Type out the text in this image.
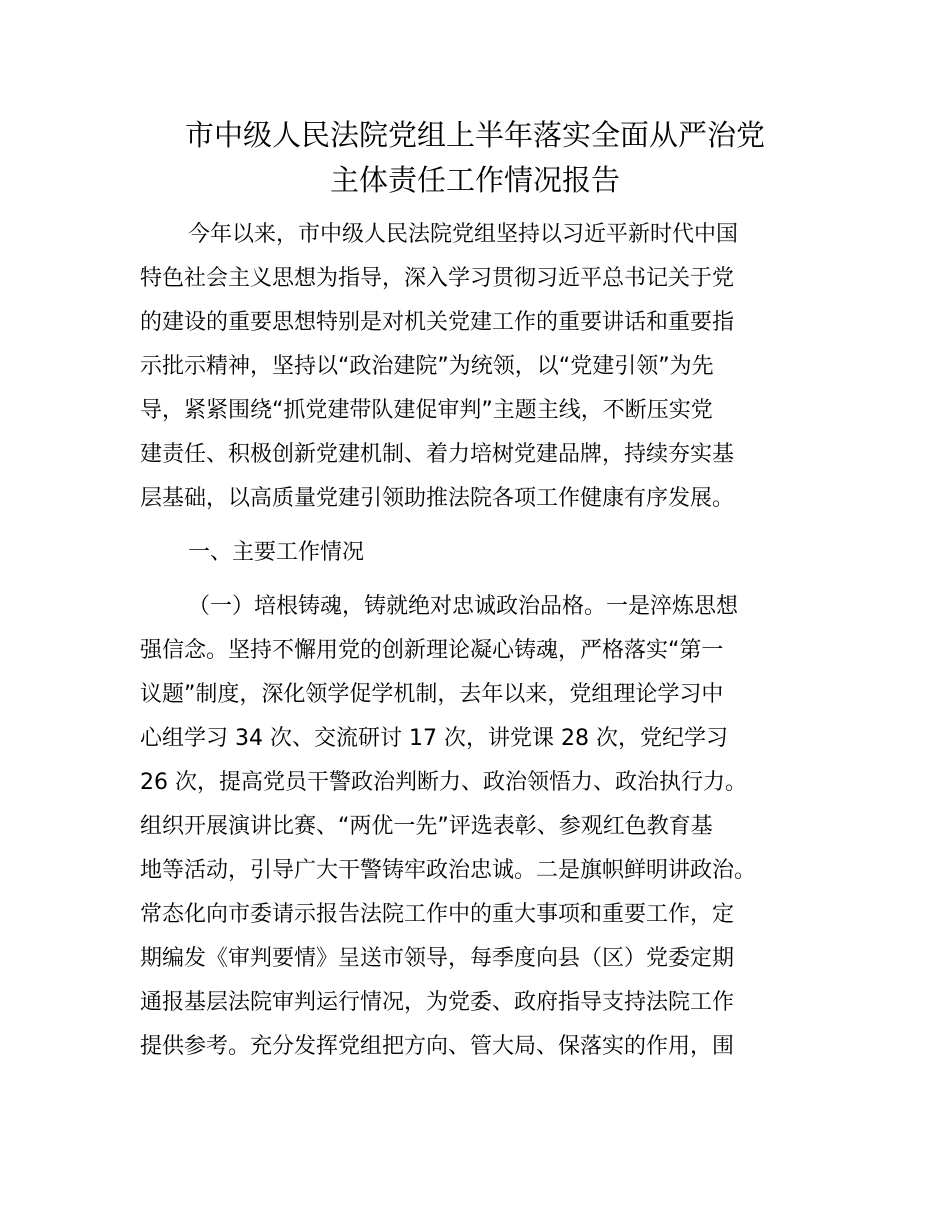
市中级人民法院党组上半年落实全面从严治党
主体责任工作情况报告
今年以来，市中级人民法院党组坚持以习近平新时代中国
特色社会主义思想为指导，深入学习贯彻习近平总书记关于党
的建设的重要思想特别是对机关党建工作的重要讲话和重要指
示批示精神，坚持以“政治建院”为统领，以“党建引领”为先
导，紧紧围绕“抓党建带队建促审判”主题主线，不断压实党
建责任、积极创新党建机制、着力培树党建品牌，持续夯实基
层基础，以高质量党建引领助推法院各项工作健康有序发展。
一、主要工作情况
（一）培根铸魂，铸就绝对忠诚政治品格。一是淬炼思想
强信念。坚持不懈用党的创新理论凝心铸魂，严格落实“第一
议题”制度，深化领学促学机制，去年以来，党组理论学习中
心组学习 34 次、交流研讨 17 次，讲党课 28 次，党纪学习
26 次，提高党员干警政治判断力、政治领悟力、政治执行力。
组织开展演讲比赛、“两优一先”评选表彰、参观红色教育基
地等活动，引导广大干警铸牢政治忠诚。二是旗帜鲜明讲政治。
常态化向市委请示报告法院工作中的重大事项和重要工作，定
期编发《审判要情》呈送市领导，每季度向县（区）党委定期
通报基层法院审判运行情况，为党委、政府指导支持法院工作
提供参考。充分发挥党组把方向、管大局、保落实的作用，围
